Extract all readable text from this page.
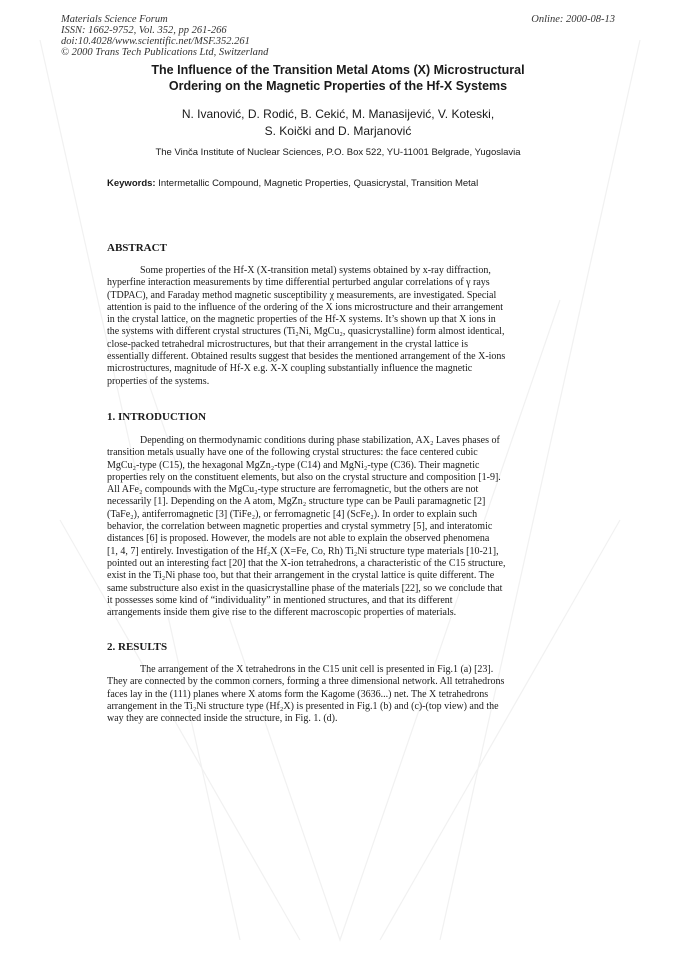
Materials Science Forum
ISSN: 1662-9752, Vol. 352, pp 261-266
doi:10.4028/www.scientific.net/MSF.352.261
© 2000 Trans Tech Publications Ltd, Switzerland
Online: 2000-08-13
The Influence of the Transition Metal Atoms (X) Microstructural
Ordering on the Magnetic Properties of the Hf-X Systems
N. Ivanović, D. Rodić, B. Cekić, M. Manasijević, V. Koteski,
S. Koički and D. Marjanović
The Vinča Institute of Nuclear Sciences, P.O. Box 522, YU-11001 Belgrade, Yugoslavia
Keywords: Intermetallic Compound, Magnetic Properties, Quasicrystal, Transition Metal
ABSTRACT
Some properties of the Hf-X (X-transition metal) systems obtained by x-ray diffraction,
hyperfine interaction measurements by time differential perturbed angular correlations of γ rays
(TDPAC), and Faraday method magnetic susceptibility χ measurements, are investigated. Special
attention is paid to the influence of the ordering of the X ions microstructure and their arrangement
in the crystal lattice, on the magnetic properties of the Hf-X systems. It’s shown up that X ions in
the systems with different crystal structures (Ti₂Ni, MgCu₂, quasicrystalline) form almost identical,
close-packed tetrahedral microstructures, but that their arrangement in the crystal lattice is
essentially different. Obtained results suggest that besides the mentioned arrangement of the X-ions
microstructures, magnitude of Hf-X e.g. X-X coupling substantially influence the magnetic
properties of the systems.
1. INTRODUCTION
Depending on thermodynamic conditions during phase stabilization, AX₂ Laves phases of
transition metals usually have one of the following crystal structures: the face centered cubic
MgCu₂-type (C15), the hexagonal MgZn₂-type (C14) and MgNi₂-type (C36). Their magnetic
properties rely on the constituent elements, but also on the crystal structure and composition [1-9].
All AFe₂ compounds with the MgCu₂-type structure are ferromagnetic, but the others are not
necessarily [1]. Depending on the A atom, MgZn₂ structure type can be Pauli paramagnetic [2]
(TaFe₂), antiferromagnetic [3] (TiFe₂), or ferromagnetic [4] (ScFe₂). In order to explain such
behavior, the correlation between magnetic properties and crystal symmetry [5], and interatomic
distances [6] is proposed. However, the models are not able to explain the observed phenomena
[1, 4, 7] entirely. Investigation of the Hf₂X (X=Fe, Co, Rh) Ti₂Ni structure type materials [10-21],
pointed out an interesting fact [20] that the X-ion tetrahedrons, a characteristic of the C15 structure,
exist in the Ti₂Ni phase too, but that their arrangement in the crystal lattice is quite different. The
same substructure also exist in the quasicrystalline phase of the materials [22], so we conclude that
it possesses some kind of “individuality” in mentioned structures, and that its different
arrangements inside them give rise to the different macroscopic properties of materials.
2. RESULTS
The arrangement of the X tetrahedrons in the C15 unit cell is presented in Fig.1 (a) [23].
They are connected by the common corners, forming a three dimensional network. All tetrahedrons
faces lay in the (111) planes where X atoms form the Kagome (3636...) net. The X tetrahedrons
arrangement in the Ti₂Ni structure type (Hf₂X) is presented in Fig.1 (b) and (c)-(top view) and the
way they are connected inside the structure, in Fig. 1. (d).
